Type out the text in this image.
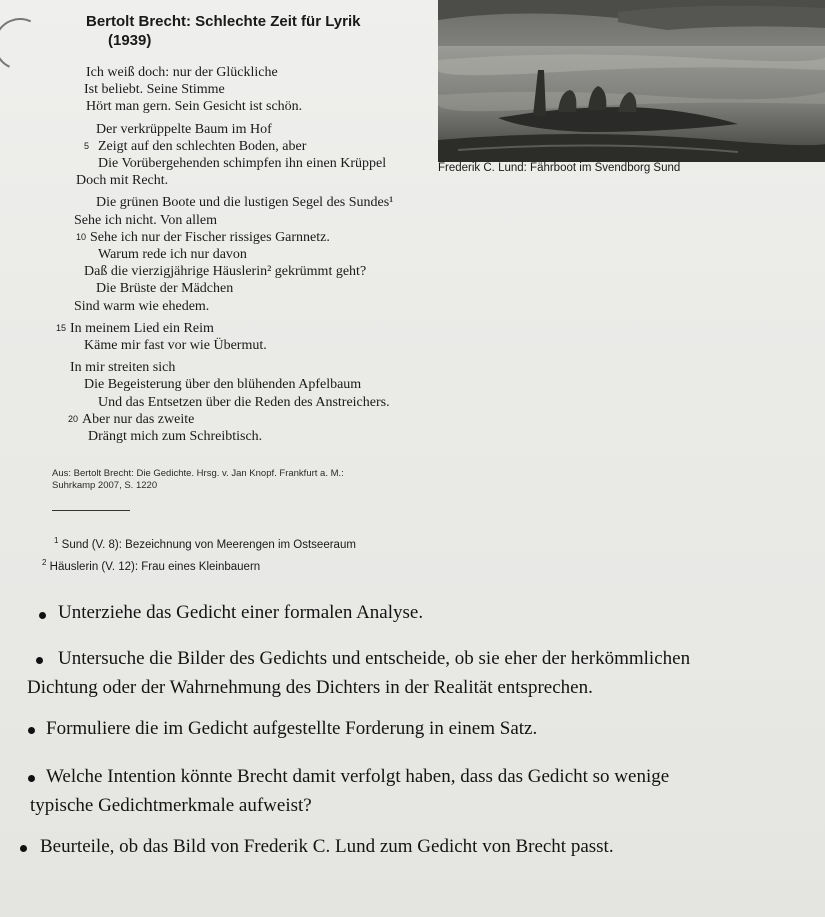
Bertolt Brecht: Schlechte Zeit für Lyrik
(1939)
Frederik C. Lund: Fährboot im Svendborg Sund
Ich weiß doch: nur der Glückliche
Ist beliebt. Seine Stimme
Hört man gern. Sein Gesicht ist schön.
Der verkrüppelte Baum im Hof
5 Zeigt auf den schlechten Boden, aber
Die Vorübergehenden schimpfen ihn einen Krüppel
Doch mit Recht.
Die grünen Boote und die lustigen Segel des Sundes¹
Sehe ich nicht. Von allem
10 Sehe ich nur der Fischer rissiges Garnnetz.
Warum rede ich nur davon
Daß die vierzigjährige Häuslerin² gekrümmt geht?
Die Brüste der Mädchen
Sind warm wie ehedem.
15 In meinem Lied ein Reim
Käme mir fast vor wie Übermut.
In mir streiten sich
Die Begeisterung über den blühenden Apfelbaum
Und das Entsetzen über die Reden des Anstreichers.
20 Aber nur das zweite
Drängt mich zum Schreibtisch.
Aus: Bertolt Brecht: Die Gedichte. Hrsg. v. Jan Knopf. Frankfurt a. M.:
Suhrkamp 2007, S. 1220
$^1$ Sund (V. 8): Bezeichnung von Meerengen im Ostseeraum
$^2$ Häuslerin (V. 12): Frau eines Kleinbauern
Unterziehe das Gedicht einer formalen Analyse.
Untersuche die Bilder des Gedichts und entscheide, ob sie eher der herkömmlichen
Dichtung oder der Wahrnehmung des Dichters in der Realität entsprechen.
Formuliere die im Gedicht aufgestellte Forderung in einem Satz.
Welche Intention könnte Brecht damit verfolgt haben, dass das Gedicht so wenige
typische Gedichtmerkmale aufweist?
Beurteile, ob das Bild von Frederik C. Lund zum Gedicht von Brecht passt.
